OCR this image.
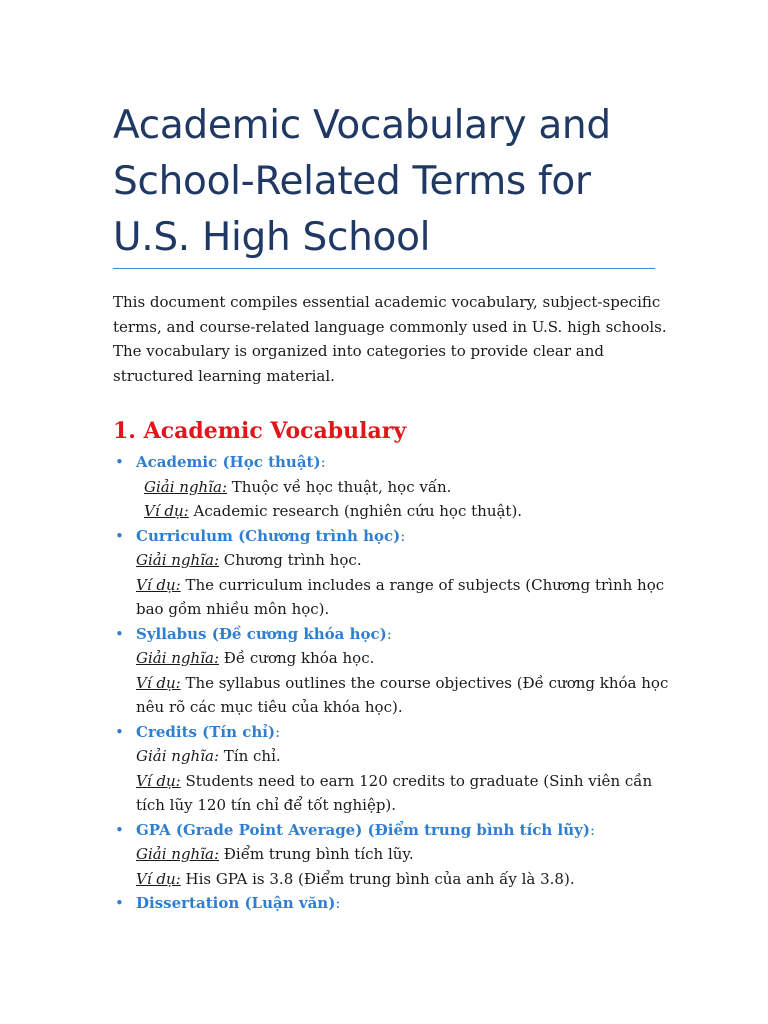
Academic Vocabulary and School-Related Terms for U.S. High School
This document compiles essential academic vocabulary, subject-specific terms, and course-related language commonly used in U.S. high schools. The vocabulary is organized into categories to provide clear and structured learning material.
1. Academic Vocabulary
• Academic (Học thuật):
Giải nghĩa: Thuộc về học thuật, học vấn.
Ví dụ: Academic research (nghiên cứu học thuật).
• Curriculum (Chương trình học):
Giải nghĩa: Chương trình học.
Ví dụ: The curriculum includes a range of subjects (Chương trình học bao gồm nhiều môn học).
• Syllabus (Đề cương khóa học):
Giải nghĩa: Đề cương khóa học.
Ví dụ: The syllabus outlines the course objectives (Đề cương khóa học nêu rõ các mục tiêu của khóa học).
• Credits (Tín chỉ):
Giải nghĩa: Tín chỉ.
Ví dụ: Students need to earn 120 credits to graduate (Sinh viên cần tích lũy 120 tín chỉ để tốt nghiệp).
• GPA (Grade Point Average) (Điểm trung bình tích lũy):
Giải nghĩa: Điểm trung bình tích lũy.
Ví dụ: His GPA is 3.8 (Điểm trung bình của anh ấy là 3.8).
• Dissertation (Luận văn):
